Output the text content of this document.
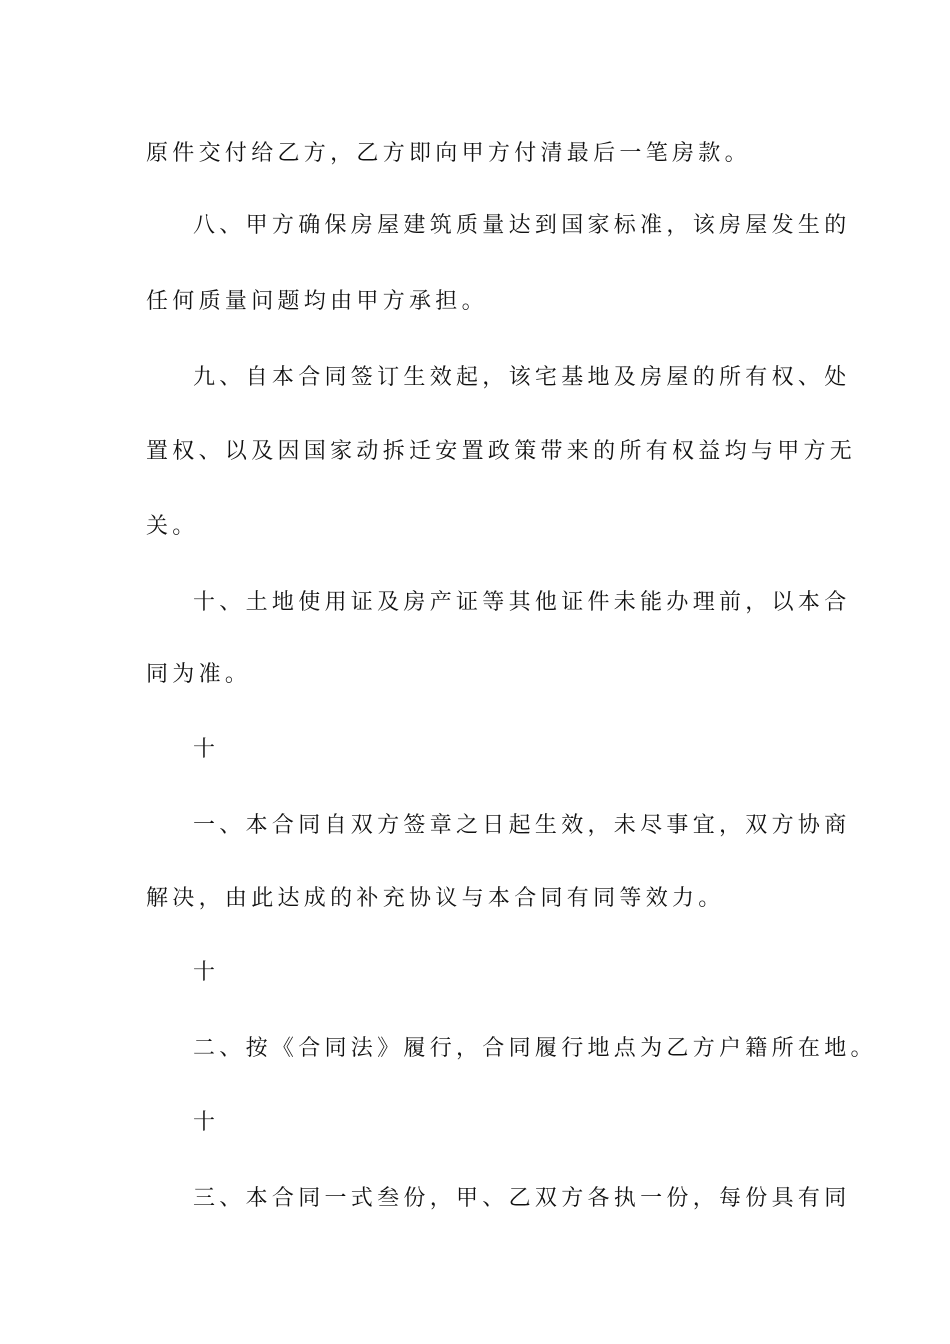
原件交付给乙方，乙方即向甲方付清最后一笔房款。
八、甲方确保房屋建筑质量达到国家标准，该房屋发生的
任何质量问题均由甲方承担。
九、自本合同签订生效起，该宅基地及房屋的所有权、处
置权、以及因国家动拆迁安置政策带来的所有权益均与甲方无
关。
十、土地使用证及房产证等其他证件未能办理前，以本合
同为准。
十
一、本合同自双方签章之日起生效，未尽事宜，双方协商
解决，由此达成的补充协议与本合同有同等效力。
十
二、按《合同法》履行，合同履行地点为乙方户籍所在地。
十
三、本合同一式叁份，甲、乙双方各执一份，每份具有同
